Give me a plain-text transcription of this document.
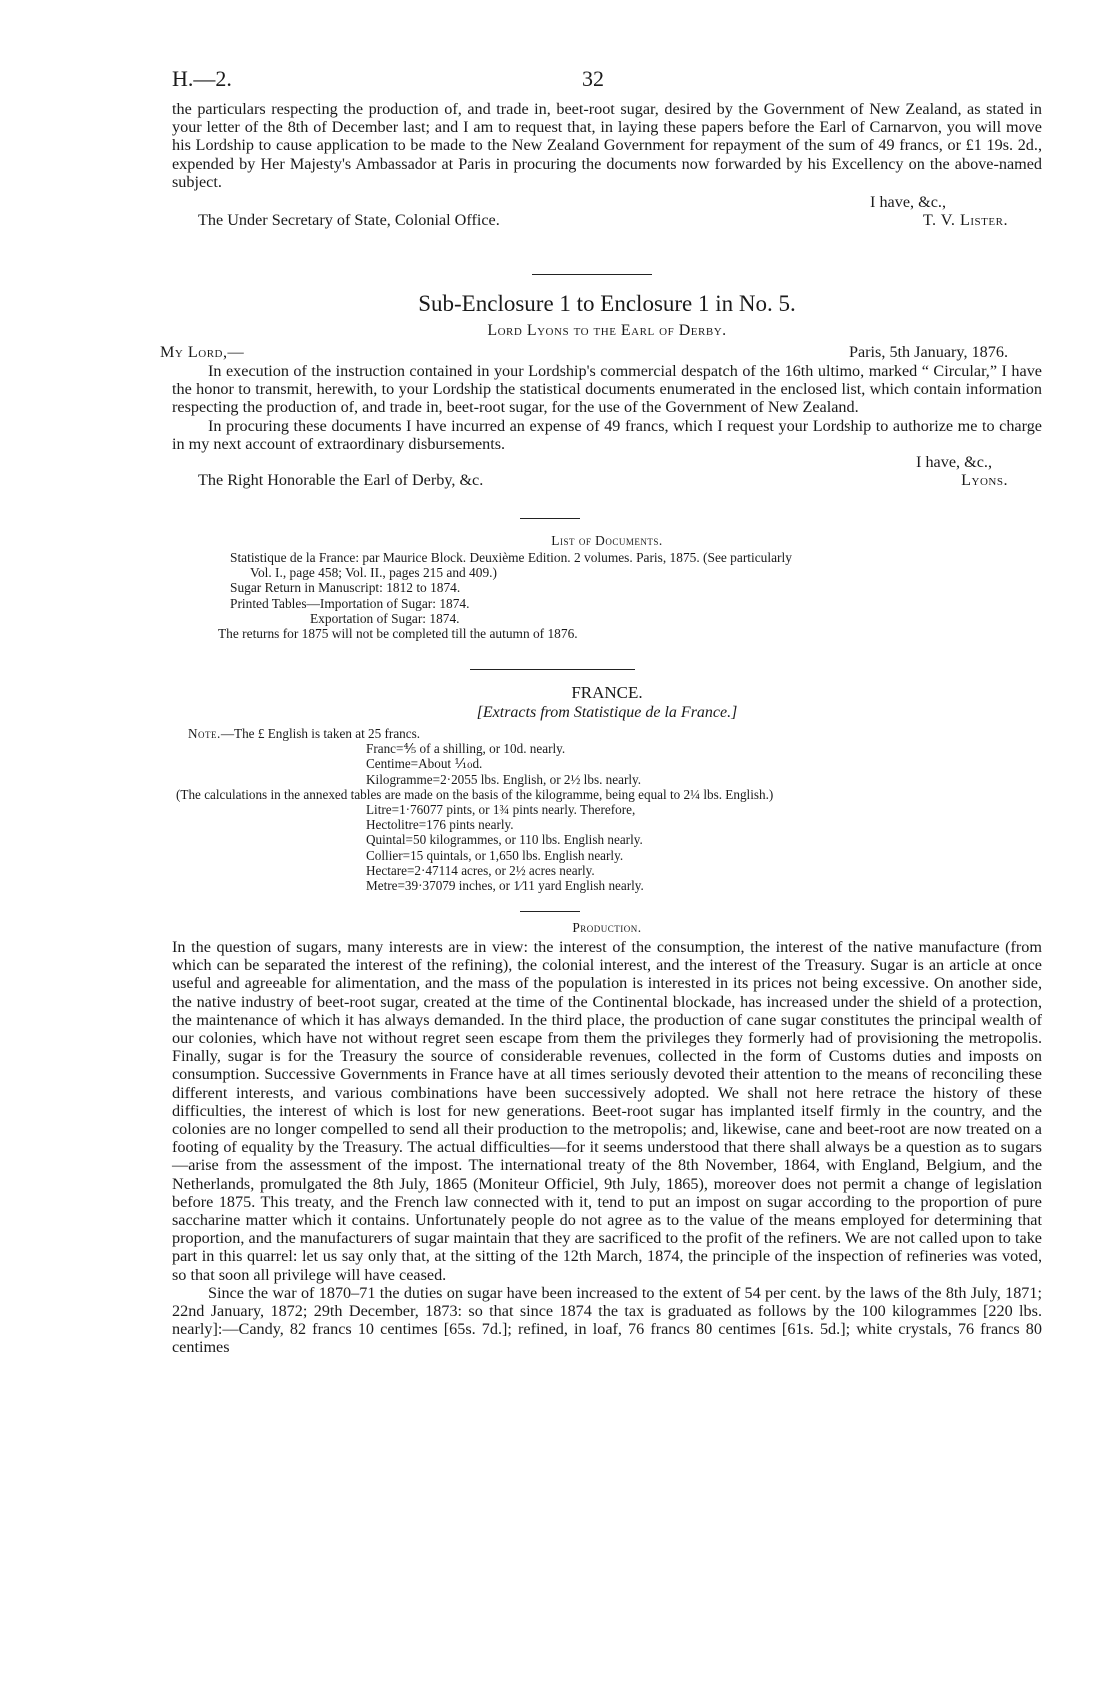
H.—2.	32

the particulars respecting the production of, and trade in, beet-root sugar, desired by the Government of New Zealand, as stated in your letter of the 8th of December last; and I am to request that, in laying these papers before the Earl of Carnarvon, you will move his Lordship to cause application to be made to the New Zealand Government for repayment of the sum of 49 francs, or £1 19s. 2d., expended by Her Majesty's Ambassador at Paris in procuring the documents now forwarded by his Excellency on the above-named subject.

I have, &c.,
The Under Secretary of State, Colonial Office.	T. V. Lister.
Sub-Enclosure 1 to Enclosure 1 in No. 5.
Lord Lyons to the Earl of Derby.
My Lord,—	Paris, 5th January, 1876.

In execution of the instruction contained in your Lordship's commercial despatch of the 16th ultimo, marked “ Circular,” I have the honor to transmit, herewith, to your Lordship the statistical documents enumerated in the enclosed list, which contain information respecting the production of, and trade in, beet-root sugar, for the use of the Government of New Zealand.

In procuring these documents I have incurred an expense of 49 francs, which I request your Lordship to authorize me to charge in my next account of extraordinary disbursements.

I have, &c.,
The Right Honorable the Earl of Derby, &c.	Lyons.
List of Documents.
Statistique de la France: par Maurice Block. Deuxième Edition. 2 volumes. Paris, 1875. (See particularly
Vol. I., page 458; Vol. II., pages 215 and 409.)
Sugar Return in Manuscript: 1812 to 1874.
Printed Tables—Importation of Sugar: 1874.
Exportation of Sugar: 1874.
The returns for 1875 will not be completed till the autumn of 1876.
FRANCE.
[Extracts from Statistique de la France.]
Note.—The £ English is taken at 25 francs.
Franc=⅘ of a shilling, or 10d. nearly.
Centime=About ⅒d.
Kilogramme=2·2055 lbs. English, or 2½ lbs. nearly.
(The calculations in the annexed tables are made on the basis of the kilogramme, being equal to 2¼ lbs. English.)
Litre=1·76077 pints, or 1¾ pints nearly. Therefore,
Hectolitre=176 pints nearly.
Quintal=50 kilogrammes, or 110 lbs. English nearly.
Collier=15 quintals, or 1,650 lbs. English nearly.
Hectare=2·47114 acres, or 2½ acres nearly.
Metre=39·37079 inches, or 1⁄11 yard English nearly.
Production.

In the question of sugars, many interests are in view: the interest of the consumption, the interest of the native manufacture (from which can be separated the interest of the refining), the colonial interest, and the interest of the Treasury. Sugar is an article at once useful and agreeable for alimentation, and the mass of the population is interested in its prices not being excessive. On another side, the native industry of beet-root sugar, created at the time of the Continental blockade, has increased under the shield of a protection, the maintenance of which it has always demanded. In the third place, the production of cane sugar constitutes the principal wealth of our colonies, which have not without regret seen escape from them the privileges they formerly had of provisioning the metropolis. Finally, sugar is for the Treasury the source of considerable revenues, collected in the form of Customs duties and imposts on consumption. Successive Governments in France have at all times seriously devoted their attention to the means of reconciling these different interests, and various combinations have been successively adopted. We shall not here retrace the history of these difficulties, the interest of which is lost for new generations. Beet-root sugar has implanted itself firmly in the country, and the colonies are no longer compelled to send all their production to the metropolis; and, likewise, cane and beet-root are now treated on a footing of equality by the Treasury. The actual difficulties—for it seems understood that there shall always be a question as to sugars—arise from the assessment of the impost. The international treaty of the 8th November, 1864, with England, Belgium, and the Netherlands, promulgated the 8th July, 1865 (Moniteur Officiel, 9th July, 1865), moreover does not permit a change of legislation before 1875. This treaty, and the French law connected with it, tend to put an impost on sugar according to the proportion of pure saccharine matter which it contains. Unfortunately people do not agree as to the value of the means employed for determining that proportion, and the manufacturers of sugar maintain that they are sacrificed to the profit of the refiners. We are not called upon to take part in this quarrel: let us say only that, at the sitting of the 12th March, 1874, the principle of the inspection of refineries was voted, so that soon all privilege will have ceased.

Since the war of 1870–71 the duties on sugar have been increased to the extent of 54 per cent. by the laws of the 8th July, 1871; 22nd January, 1872; 29th December, 1873: so that since 1874 the tax is graduated as follows by the 100 kilogrammes [220 lbs. nearly]:—Candy, 82 francs 10 centimes [65s. 7d.]; refined, in loaf, 76 francs 80 centimes [61s. 5d.]; white crystals, 76 francs 80 centimes
